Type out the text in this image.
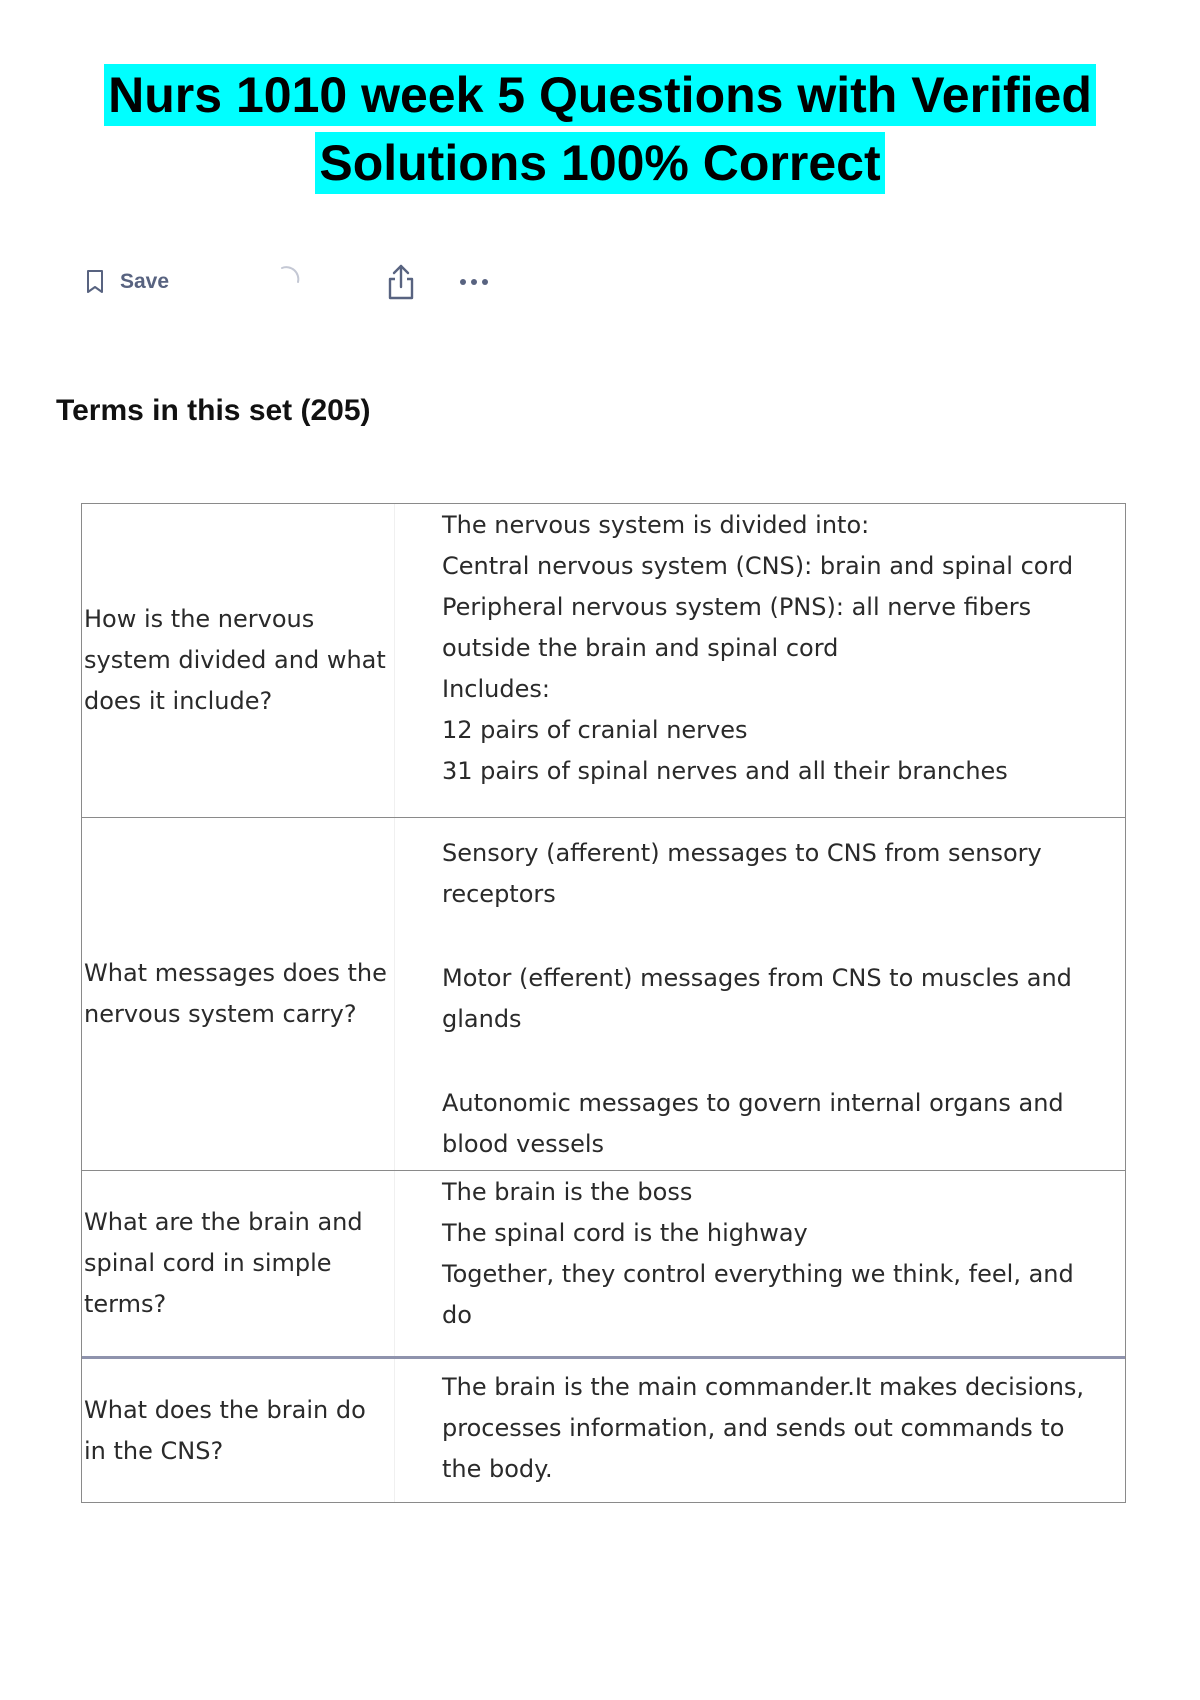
Nurs 1010 week 5 Questions with Verified
Solutions 100% Correct
Save
Terms in this set (205)
How is the nervous system divided and what does it include?
The nervous system is divided into:
Central nervous system (CNS): brain and spinal cord
Peripheral nervous system (PNS): all nerve fibers
outside the brain and spinal cord
Includes:
12 pairs of cranial nerves
31 pairs of spinal nerves and all their branches
What messages does the nervous system carry?
Sensory (afferent) messages to CNS from sensory
receptors
Motor (efferent) messages from CNS to muscles and
glands
Autonomic messages to govern internal organs and
blood vessels
What are the brain and spinal cord in simple terms?
The brain is the boss
The spinal cord is the highway
Together, they control everything we think, feel, and
do
What does the brain do in the CNS?
The brain is the main commander.It makes decisions,
processes information, and sends out commands to
the body.
